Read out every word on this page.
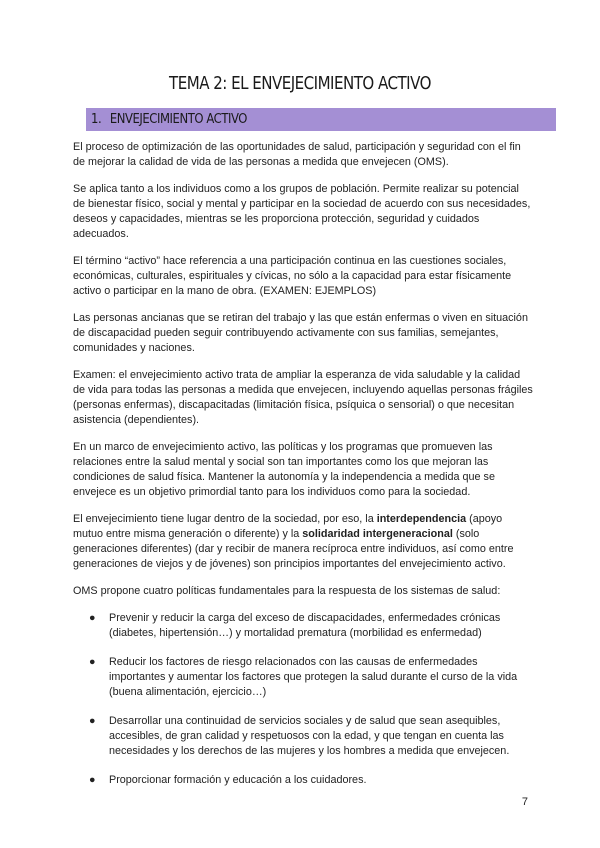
TEMA 2: EL ENVEJECIMIENTO ACTIVO
1. ENVEJECIMIENTO ACTIVO

El proceso de optimización de las oportunidades de salud, participación y seguridad con el fin de mejorar la calidad de vida de las personas a medida que envejecen (OMS).

Se aplica tanto a los individuos como a los grupos de población. Permite realizar su potencial de bienestar físico, social y mental y participar en la sociedad de acuerdo con sus necesidades, deseos y capacidades, mientras se les proporciona protección, seguridad y cuidados adecuados.

El término “activo” hace referencia a una participación continua en las cuestiones sociales, económicas, culturales, espirituales y cívicas, no sólo a la capacidad para estar físicamente activo o participar en la mano de obra. (EXAMEN: EJEMPLOS)

Las personas ancianas que se retiran del trabajo y las que están enfermas o viven en situación de discapacidad pueden seguir contribuyendo activamente con sus familias, semejantes, comunidades y naciones.

Examen: el envejecimiento activo trata de ampliar la esperanza de vida saludable y la calidad de vida para todas las personas a medida que envejecen, incluyendo aquellas personas frágiles (personas enfermas), discapacitadas (limitación física, psíquica o sensorial) o que necesitan asistencia (dependientes).

En un marco de envejecimiento activo, las políticas y los programas que promueven las relaciones entre la salud mental y social son tan importantes como los que mejoran las condiciones de salud física. Mantener la autonomía y la independencia a medida que se envejece es un objetivo primordial tanto para los individuos como para la sociedad.

El envejecimiento tiene lugar dentro de la sociedad, por eso, la interdependencia (apoyo mutuo entre misma generación o diferente) y la solidaridad intergeneracional (solo generaciones diferentes) (dar y recibir de manera recíproca entre individuos, así como entre generaciones de viejos y de jóvenes) son principios importantes del envejecimiento activo.

OMS propone cuatro políticas fundamentales para la respuesta de los sistemas de salud:

● Prevenir y reducir la carga del exceso de discapacidades, enfermedades crónicas (diabetes, hipertensión…) y mortalidad prematura (morbilidad es enfermedad)
● Reducir los factores de riesgo relacionados con las causas de enfermedades importantes y aumentar los factores que protegen la salud durante el curso de la vida (buena alimentación, ejercicio…)
● Desarrollar una continuidad de servicios sociales y de salud que sean asequibles, accesibles, de gran calidad y respetuosos con la edad, y que tengan en cuenta las necesidades y los derechos de las mujeres y los hombres a medida que envejecen.
● Proporcionar formación y educación a los cuidadores.
7
